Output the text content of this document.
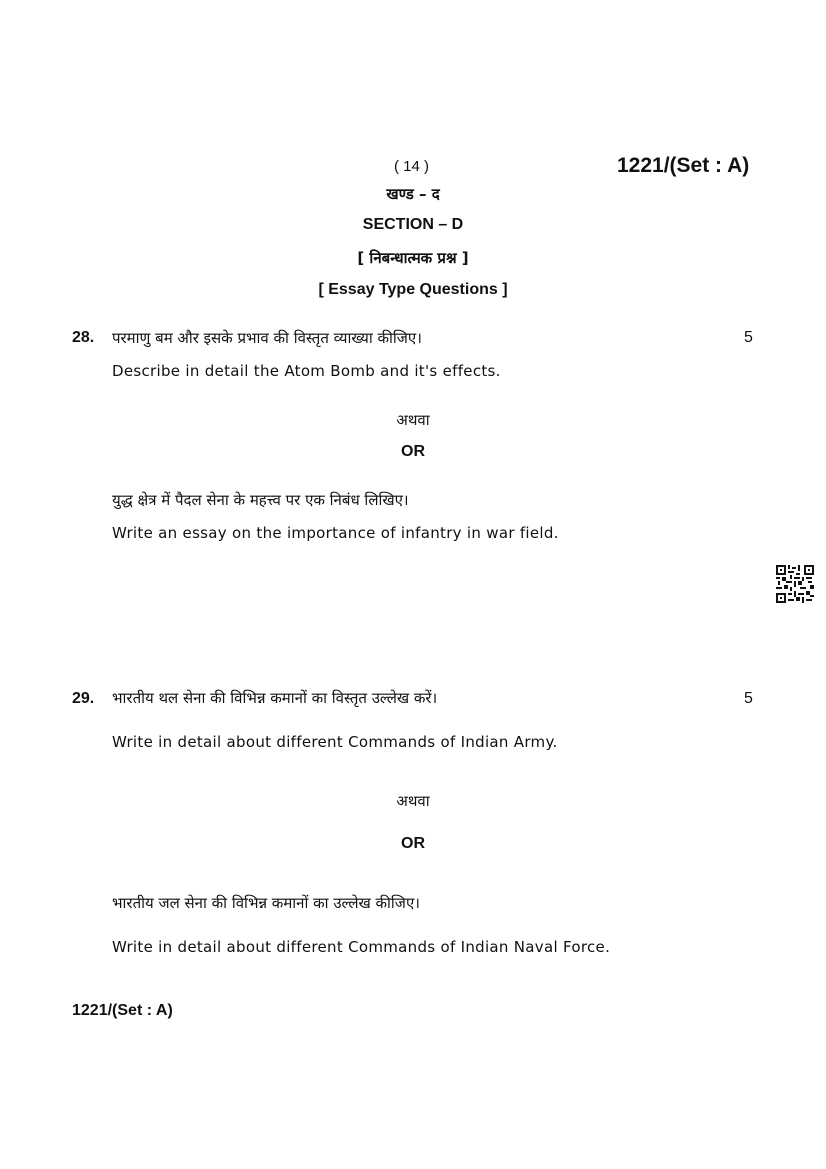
( 14 )	1221/(Set : A)
खण्ड – द
SECTION – D
[ निबन्धात्मक प्रश्न ]
[ Essay Type Questions ]
28. परमाणु बम और इसके प्रभाव की विस्तृत व्याख्या कीजिए।	5
Describe in detail the Atom Bomb and it's effects.
अथवा
OR
युद्ध क्षेत्र में पैदल सेना के महत्त्व पर एक निबंध लिखिए।
Write an essay on the importance of infantry in war field.
29. भारतीय थल सेना की विभिन्न कमानों का विस्तृत उल्लेख करें।	5
Write in detail about different Commands of Indian Army.
अथवा
OR
भारतीय जल सेना की विभिन्न कमानों का उल्लेख कीजिए।
Write in detail about different Commands of Indian Naval Force.
1221/(Set : A)
